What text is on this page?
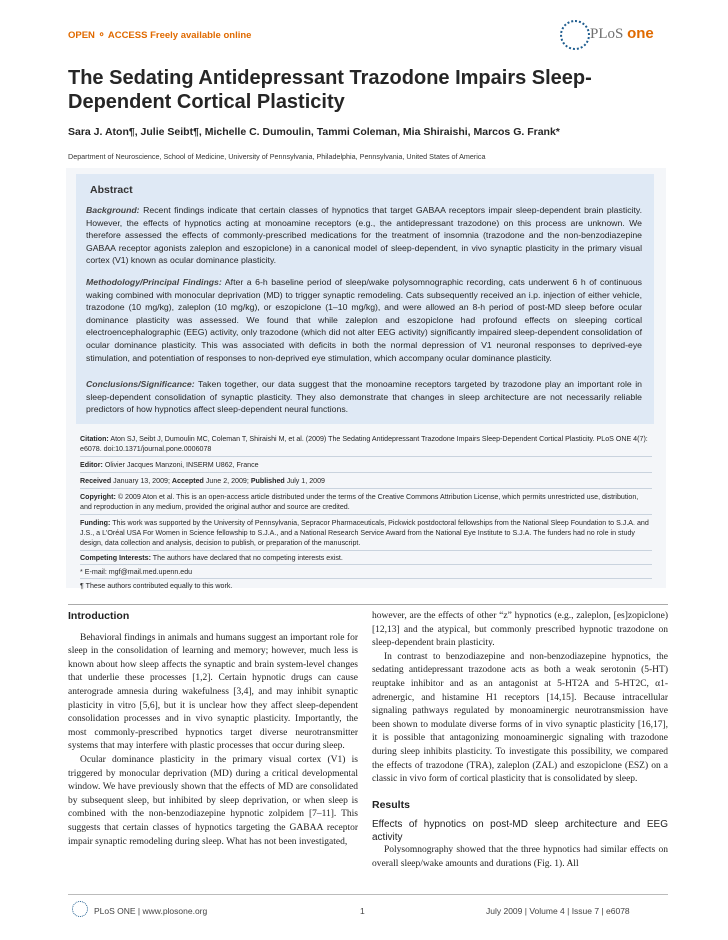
OPEN ⚬ ACCESS Freely available online	PLoS one
The Sedating Antidepressant Trazodone Impairs Sleep-Dependent Cortical Plasticity
Sara J. Aton¶, Julie Seibt¶, Michelle C. Dumoulin, Tammi Coleman, Mia Shiraishi, Marcos G. Frank*
Department of Neuroscience, School of Medicine, University of Pennsylvania, Philadelphia, Pennsylvania, United States of America
Abstract
Background: Recent findings indicate that certain classes of hypnotics that target GABAA receptors impair sleep-dependent brain plasticity. However, the effects of hypnotics acting at monoamine receptors (e.g., the antidepressant trazodone) on this process are unknown. We therefore assessed the effects of commonly-prescribed medications for the treatment of insomnia (trazodone and the non-benzodiazepine GABAA receptor agonists zaleplon and eszopiclone) in a canonical model of sleep-dependent, in vivo synaptic plasticity in the primary visual cortex (V1) known as ocular dominance plasticity.
Methodology/Principal Findings: After a 6-h baseline period of sleep/wake polysomnographic recording, cats underwent 6 h of continuous waking combined with monocular deprivation (MD) to trigger synaptic remodeling. Cats subsequently received an i.p. injection of either vehicle, trazodone (10 mg/kg), zaleplon (10 mg/kg), or eszopiclone (1–10 mg/kg), and were allowed an 8-h period of post-MD sleep before ocular dominance plasticity was assessed. We found that while zaleplon and eszopiclone had profound effects on sleeping cortical electroencephalographic (EEG) activity, only trazodone (which did not alter EEG activity) significantly impaired sleep-dependent consolidation of ocular dominance plasticity. This was associated with deficits in both the normal depression of V1 neuronal responses to deprived-eye stimulation, and potentiation of responses to non-deprived eye stimulation, which accompany ocular dominance plasticity.
Conclusions/Significance: Taken together, our data suggest that the monoamine receptors targeted by trazodone play an important role in sleep-dependent consolidation of synaptic plasticity. They also demonstrate that changes in sleep architecture are not necessarily reliable predictors of how hypnotics affect sleep-dependent neural functions.
Citation: Aton SJ, Seibt J, Dumoulin MC, Coleman T, Shiraishi M, et al. (2009) The Sedating Antidepressant Trazodone Impairs Sleep-Dependent Cortical Plasticity. PLoS ONE 4(7): e6078. doi:10.1371/journal.pone.0006078
Editor: Olivier Jacques Manzoni, INSERM U862, France
Received January 13, 2009; Accepted June 2, 2009; Published July 1, 2009
Copyright: © 2009 Aton et al. This is an open-access article distributed under the terms of the Creative Commons Attribution License, which permits unrestricted use, distribution, and reproduction in any medium, provided the original author and source are credited.
Funding: This work was supported by the University of Pennsylvania, Sepracor Pharmaceuticals, Pickwick postdoctoral fellowships from the National Sleep Foundation to S.J.A. and J.S., a L'Oréal USA For Women in Science fellowship to S.J.A., and a National Research Service Award from the National Eye Institute to S.J.A. The funders had no role in study design, data collection and analysis, decision to publish, or preparation of the manuscript.
Competing Interests: The authors have declared that no competing interests exist.
* E-mail: mgf@mail.med.upenn.edu
¶ These authors contributed equally to this work.
Introduction

Behavioral findings in animals and humans suggest an important role for sleep in the consolidation of learning and memory; however, much less is known about how sleep affects the synaptic and brain system-level changes that underlie these processes [1,2]. Certain hypnotic drugs can cause anterograde amnesia during wakefulness [3,4], and may inhibit synaptic plasticity in vitro [5,6], but it is unclear how they affect sleep-dependent consolidation processes and in vivo synaptic plasticity. Importantly, the most commonly-prescribed hypnotics target diverse neurotransmitter systems that may interfere with plastic processes that occur during sleep.

Ocular dominance plasticity in the primary visual cortex (V1) is triggered by monocular deprivation (MD) during a critical developmental window. We have previously shown that the effects of MD are consolidated by subsequent sleep, but inhibited by sleep deprivation, or when sleep is combined with the non-benzodiazepine hypnotic zolpidem [7–11]. This suggests that certain classes of hypnotics targeting the GABAA receptor impair synaptic remodeling during sleep. What has not been investigated,

however, are the effects of other “z” hypnotics (e.g., zaleplon, [es]zopiclone) [12,13] and the atypical, but commonly prescribed hypnotic trazodone on sleep-dependent brain plasticity.

In contrast to benzodiazepine and non-benzodiazepine hypnotics, the sedating antidepressant trazodone acts as both a weak serotonin (5-HT) reuptake inhibitor and as an antagonist at 5-HT2A and 5-HT2C, α1-adrenergic, and histamine H1 receptors [14,15]. Because intracellular signaling pathways regulated by monoaminergic neurotransmission have been shown to modulate diverse forms of in vivo synaptic plasticity [16,17], it is possible that antagonizing monoaminergic signaling with trazodone during sleep inhibits plasticity. To investigate this possibility, we compared the effects of trazodone (TRA), zaleplon (ZAL) and eszopiclone (ESZ) on a classic in vivo form of cortical plasticity that is consolidated by sleep.

Results
Effects of hypnotics on post-MD sleep architecture and EEG activity

Polysomnography showed that the three hypnotics had similar effects on overall sleep/wake amounts and durations (Fig. 1). All

PLoS ONE | www.plosone.org	1	July 2009 | Volume 4 | Issue 7 | e6078
